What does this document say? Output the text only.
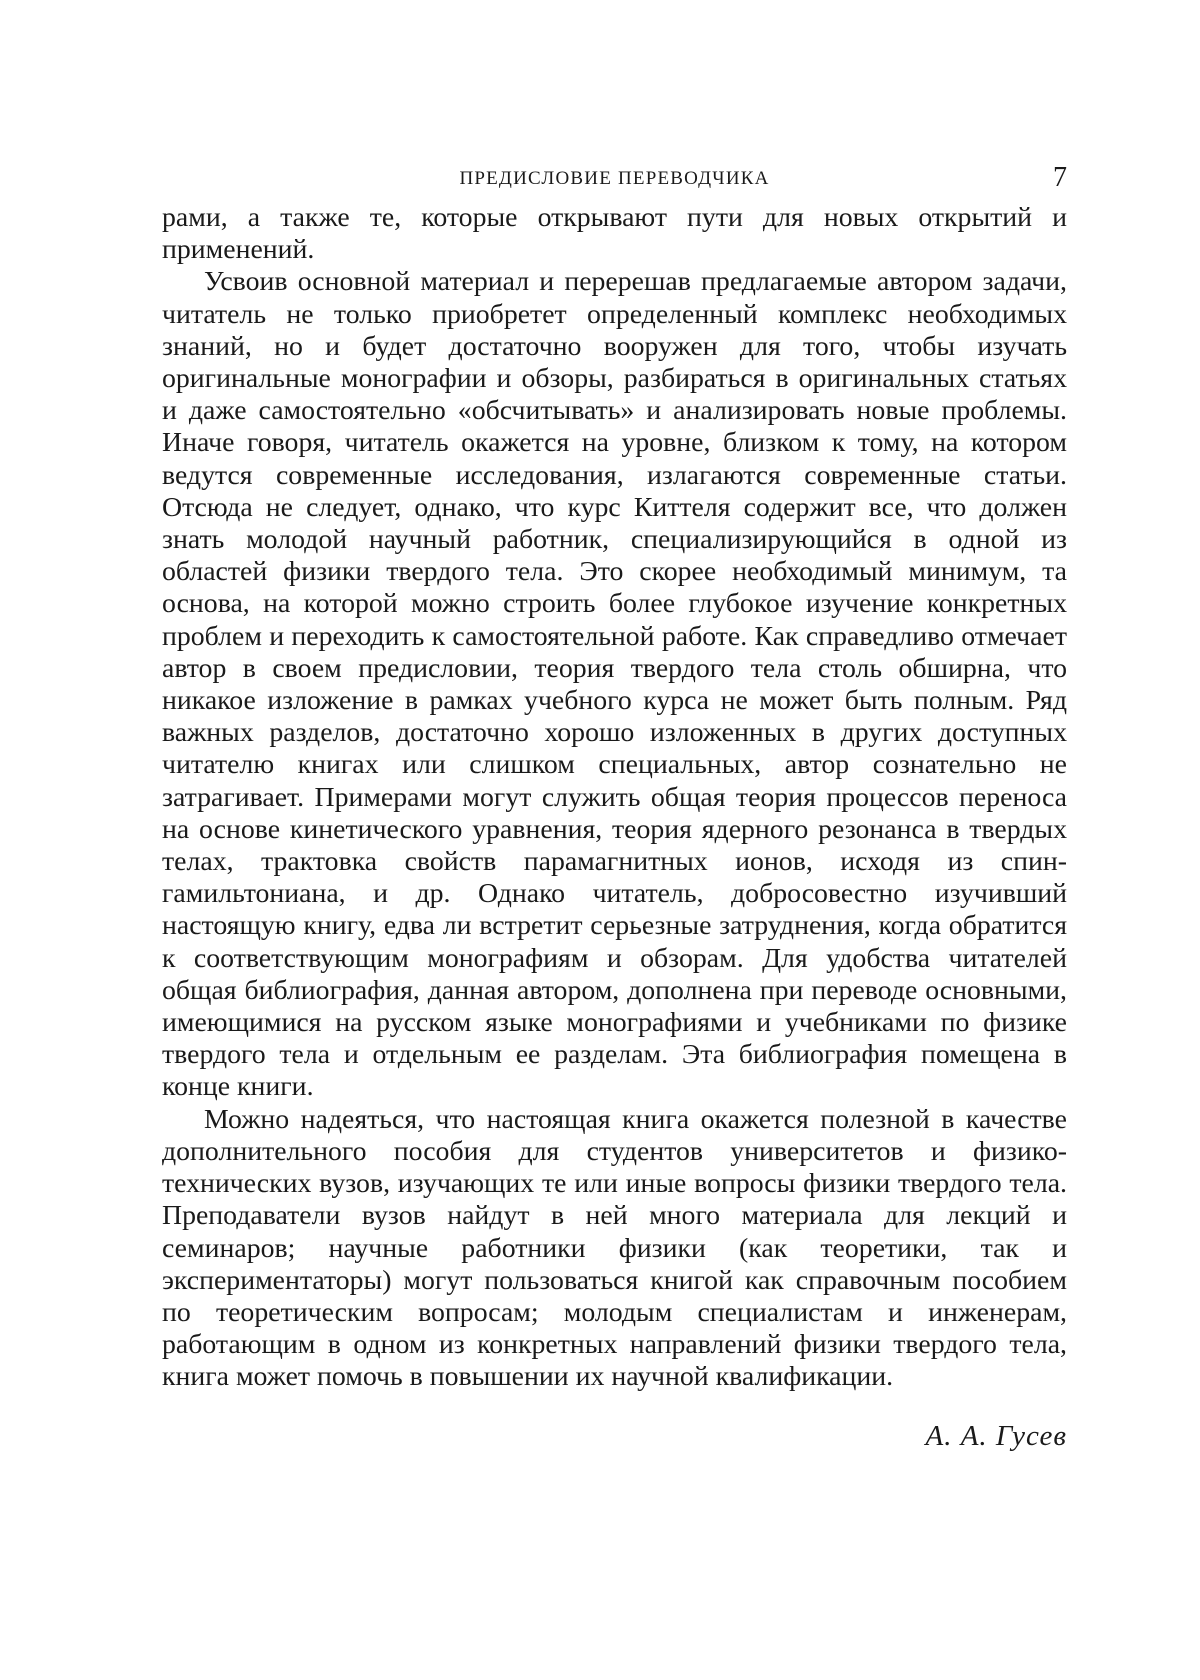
ПРЕДИСЛОВИЕ ПЕРЕВОДЧИКА	7

рами, а также те, которые открывают пути для новых открытий и применений.

Усвоив основной материал и перерешав предлагаемые автором задачи, читатель не только приобретет определенный комплекс необходимых знаний, но и будет достаточно вооружен для того, чтобы изучать оригинальные монографии и обзоры, разбираться в оригинальных статьях и даже самостоятельно «обсчитывать» и анализировать новые проблемы. Иначе говоря, читатель окажется на уровне, близком к тому, на котором ведутся современные исследования, излагаются современные статьи. Отсюда не следует, однако, что курс Киттеля содержит все, что должен знать молодой научный работник, специализирующийся в одной из областей физики твердого тела. Это скорее необходимый минимум, та основа, на которой можно строить более глубокое изучение конкретных проблем и переходить к самостоятельной работе. Как справедливо отмечает автор в своем предисловии, теория твердого тела столь обширна, что никакое изложение в рамках учебного курса не может быть полным. Ряд важных разделов, достаточно хорошо изложенных в других доступных читателю книгах или слишком специальных, автор сознательно не затрагивает. Примерами могут служить общая теория процессов переноса на основе кинетического уравнения, теория ядерного резонанса в твердых телах, трактовка свойств парамагнитных ионов, исходя из спин-гамильтониана, и др. Однако читатель, добросовестно изучивший настоящую книгу, едва ли встретит серьезные затруднения, когда обратится к соответствующим монографиям и обзорам. Для удобства читателей общая библиография, данная автором, дополнена при переводе основными, имеющимися на русском языке монографиями и учебниками по физике твердого тела и отдельным ее разделам. Эта библиография помещена в конце книги.

Можно надеяться, что настоящая книга окажется полезной в качестве дополнительного пособия для студентов университетов и физико-технических вузов, изучающих те или иные вопросы физики твердого тела. Преподаватели вузов найдут в ней много материала для лекций и семинаров; научные работники физики (как теоретики, так и экспериментаторы) могут пользоваться книгой как справочным пособием по теоретическим вопросам; молодым специалистам и инженерам, работающим в одном из конкретных направлений физики твердого тела, книга может помочь в повышении их научной квалификации.

А. А. Гусев
